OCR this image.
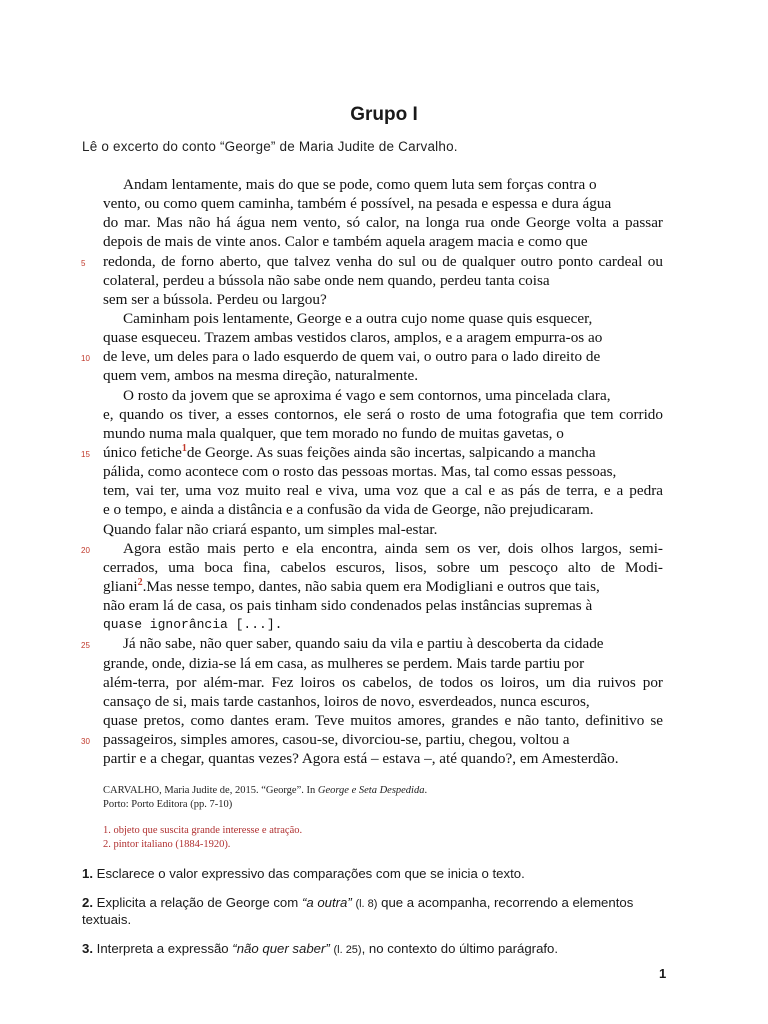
Grupo I
Lê o excerto do conto “George” de Maria Judite de Carvalho.
Andam lentamente, mais do que se pode, como quem luta sem forças contra o
vento, ou como quem caminha, também é possível, na pesada e espessa e dura água
do mar. Mas não há água nem vento, só calor, na longa rua onde George volta a passar
depois de mais de vinte anos. Calor e também aquela aragem macia e como que
5 redonda, de forno aberto, que talvez venha do sul ou de qualquer outro ponto cardeal ou
colateral, perdeu a bússola não sabe onde nem quando, perdeu tanta coisa
sem ser a bússola. Perdeu ou largou?
Caminham pois lentamente, George e a outra cujo nome quase quis esquecer,
quase esqueceu. Trazem ambas vestidos claros, amplos, e a aragem empurra-os ao
10 de leve, um deles para o lado esquerdo de quem vai, o outro para o lado direito de
quem vem, ambos na mesma direção, naturalmente.
O rosto da jovem que se aproxima é vago e sem contornos, uma pincelada clara,
e, quando os tiver, a esses contornos, ele será o rosto de uma fotografia que tem corrido
mundo numa mala qualquer, que tem morado no fundo de muitas gavetas, o
15 único fetiche$^1$de George. As suas feições ainda são incertas, salpicando a mancha
pálida, como acontece com o rosto das pessoas mortas. Mas, tal como essas pessoas,
tem, vai ter, uma voz muito real e viva, uma voz que a cal e as pás de terra, e a pedra
e o tempo, e ainda a distância e a confusão da vida de George, não prejudicaram.
Quando falar não criará espanto, um simples mal-estar.
20 Agora estão mais perto e ela encontra, ainda sem os ver, dois olhos largos, semi-
cerrados, uma boca fina, cabelos escuros, lisos, sobre um pescoço alto de Modi-
gliani$^2$.Mas nesse tempo, dantes, não sabia quem era Modigliani e outros que tais,
não eram lá de casa, os pais tinham sido condenados pelas instâncias supremas à
quase ignorância [...].
25 Já não sabe, não quer saber, quando saiu da vila e partiu à descoberta da cidade
grande, onde, dizia-se lá em casa, as mulheres se perdem. Mais tarde partiu por
além-terra, por além-mar. Fez loiros os cabelos, de todos os loiros, um dia ruivos por
cansaço de si, mais tarde castanhos, loiros de novo, esverdeados, nunca escuros,
quase pretos, como dantes eram. Teve muitos amores, grandes e não tanto, definitivo se
30 passageiros, simples amores, casou-se, divorciou-se, partiu, chegou, voltou a
partir e a chegar, quantas vezes? Agora está – estava –, até quando?, em Amesterdão.
CARVALHO, Maria Judite de, 2015. “George”. In George e Seta Despedida.
Porto: Porto Editora (pp. 7-10)
1. objeto que suscita grande interesse e atração.
2. pintor italiano (1884-1920).
1. Esclarece o valor expressivo das comparações com que se inicia o texto.
2. Explicita a relação de George com “a outra” (l. 8) que a acompanha, recorrendo a elementos textuais.
3. Interpreta a expressão “não quer saber” (l. 25), no contexto do último parágrafo.
1
